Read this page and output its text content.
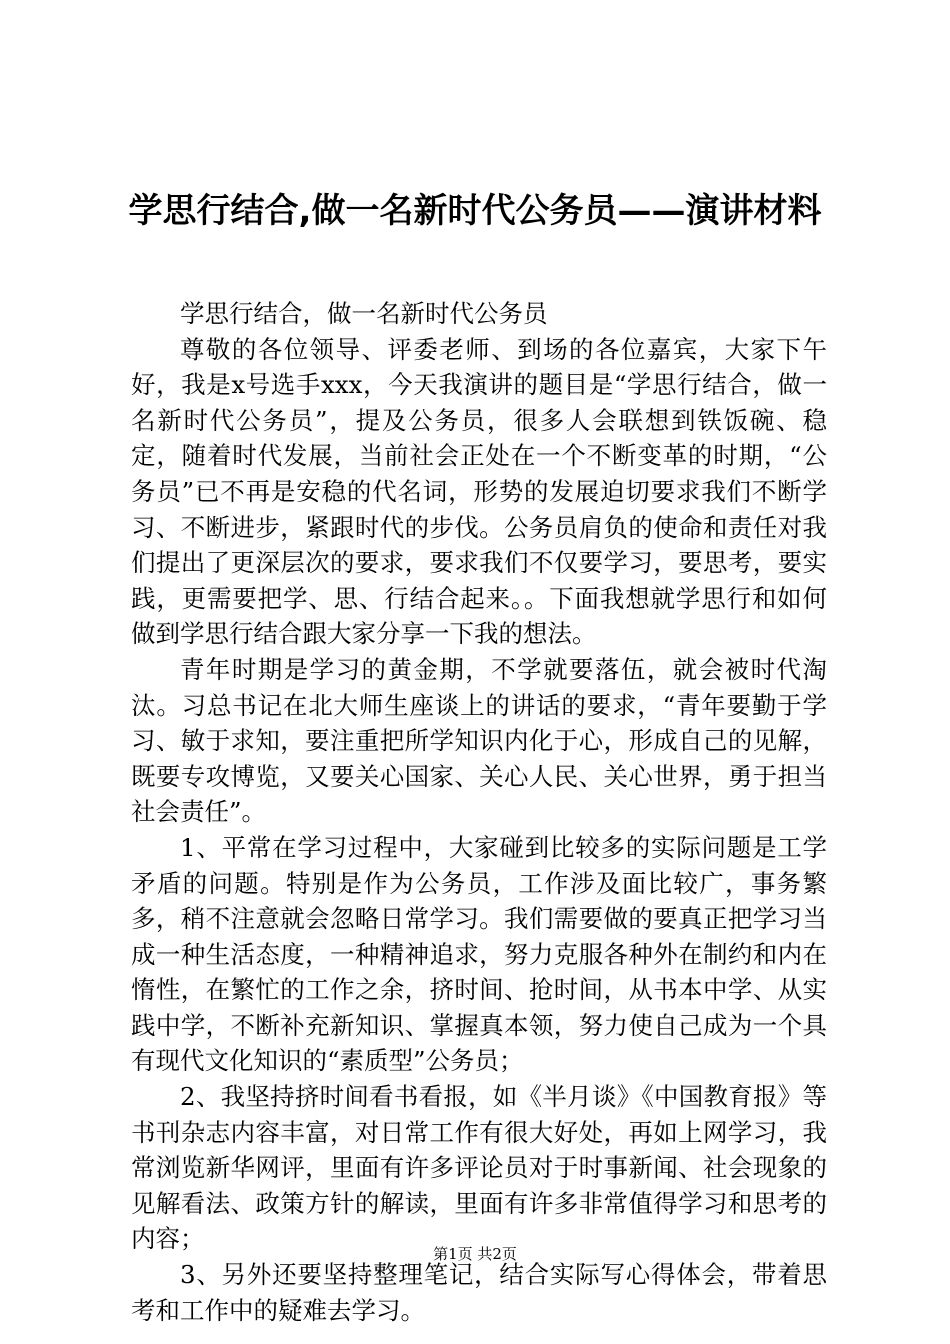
学思行结合,做一名新时代公务员——演讲材料

学思行结合，做一名新时代公务员

尊敬的各位领导、评委老师、到场的各位嘉宾，大家下午好，我是x号选手xxx，今天我演讲的题目是“学思行结合，做一名新时代公务员”，提及公务员，很多人会联想到铁饭碗、稳定，随着时代发展，当前社会正处在一个不断变革的时期，“公务员”已不再是安稳的代名词，形势的发展迫切要求我们不断学习、不断进步，紧跟时代的步伐。公务员肩负的使命和责任对我们提出了更深层次的要求，要求我们不仅要学习，要思考，要实践，更需要把学、思、行结合起来。。下面我想就学思行和如何做到学思行结合跟大家分享一下我的想法。

青年时期是学习的黄金期，不学就要落伍，就会被时代淘汰。习总书记在北大师生座谈上的讲话的要求，“青年要勤于学习、敏于求知，要注重把所学知识内化于心，形成自己的见解，既要专攻博览，又要关心国家、关心人民、关心世界，勇于担当社会责任”。

1、平常在学习过程中，大家碰到比较多的实际问题是工学矛盾的问题。特别是作为公务员，工作涉及面比较广，事务繁多，稍不注意就会忽略日常学习。我们需要做的要真正把学习当成一种生活态度，一种精神追求，努力克服各种外在制约和内在惰性，在繁忙的工作之余，挤时间、抢时间，从书本中学、从实践中学，不断补充新知识、掌握真本领，努力使自己成为一个具有现代文化知识的“素质型”公务员；

2、我坚持挤时间看书看报，如《半月谈》《中国教育报》等书刊杂志内容丰富，对日常工作有很大好处，再如上网学习，我常浏览新华网评，里面有许多评论员对于时事新闻、社会现象的见解看法、政策方针的解读，里面有许多非常值得学习和思考的内容；

3、另外还要坚持整理笔记，结合实际写心得体会，带着思考和工作中的疑难去学习。

第1页 共2页
